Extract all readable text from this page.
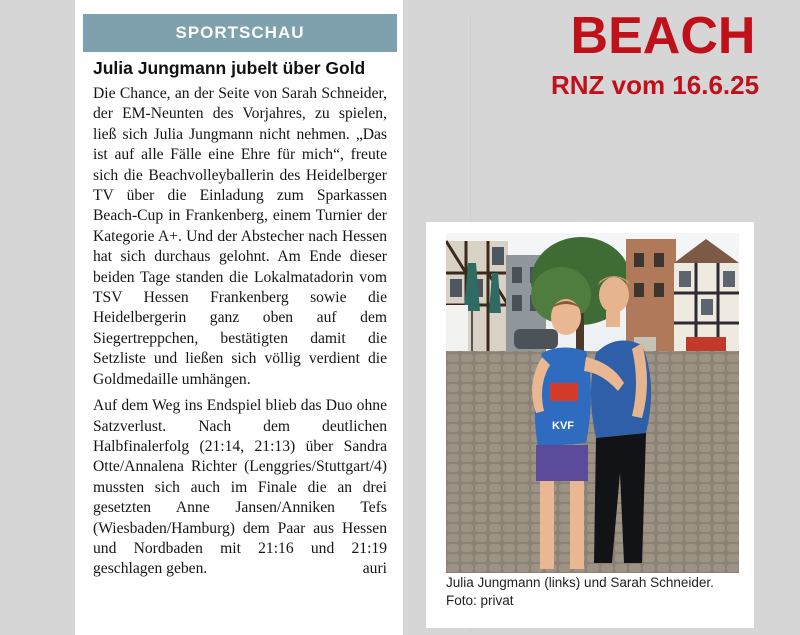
SPORTSCHAU
Julia Jungmann jubelt über Gold
Die Chance, an der Seite von Sarah Schneider, der EM-Neunten des Vorjahres, zu spielen, ließ sich Julia Jungmann nicht nehmen. „Das ist auf alle Fälle eine Ehre für mich“, freute sich die Beachvolleyballerin des Heidelberger TV über die Einladung zum Sparkassen Beach-Cup in Frankenberg, einem Turnier der Kategorie A+. Und der Abstecher nach Hessen hat sich durchaus gelohnt. Am Ende dieser beiden Tage standen die Lokalmatadorin vom TSV Hessen Frankenberg sowie die Heidelbergerin ganz oben auf dem Siegertreppchen, bestätigten damit die Setzliste und ließen sich völlig verdient die Goldmedaille umhängen.
Auf dem Weg ins Endspiel blieb das Duo ohne Satzverlust. Nach dem deutlichen Halbfinalerfolg (21:14, 21:13) über Sandra Otte/Annalena Richter (Lenggries/Stuttgart/4) mussten sich auch im Finale die an drei gesetzten Anne Jansen/Anniken Tefs (Wiesbaden/Hamburg) dem Paar aus Hessen und Nordbaden mit 21:16 und 21:19 geschlagen geben.	auri
BEACH
RNZ vom 16.6.25
KVF
Julia Jungmann (links) und Sarah Schneider. Foto: privat
